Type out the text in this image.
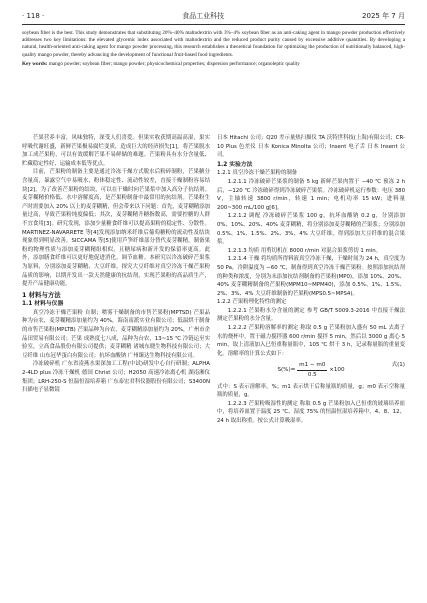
· 118 ·	食品工业科技	2025 年 7 月

soybean fiber is the best. This study demonstrates that substituting 20%–40% maltodextrin with 3%–4% soybean fiber as an anti-caking agent in mango powder production effectively addresses two key limitations: the elevated glycemic index associated with maltodextrin and the reduced product purity caused by excessive additive quantities. By developing a natural, health-oriented anti-caking agent for mango powder processing, this research establishes a theoretical foundation for optimizing the production of nutritionally balanced, high-quality mango powder, thereby advancing the development of functional fruit-based food ingredients.

Key words: mango powder; soybean fiber; mango powder; physicochemical properties; dispersion performance; organoleptic quality

芒果营养丰富，风味独特，深受人们喜爱。但果实收获期高温高湿，果实呼吸代谢旺盛，新鲜芒果极易腐烂变质，造成巨大的经济损失[1]。将芒果脱水加工成芒果粉，可以有效缓解芒果不易鲜储的难题。芒果粉具有水分含量低、贮藏稳定性好、运输成本低等优点。

目前，芒果粉的制备主要是通过冷冻干燥方式脱水后粉碎制粉，芒果糖分含量高，暴露空气中易吸水，粉体稳定性、流动性较差，直接干燥制粉容易结块[2]。为了改善芒果粉的结块，可以在干燥时向芒果浆中加入高分子抗结剂。麦芽糊精价格低、水中溶解度高，是芒果粉制备中最常用的抗结剂。芒果粉生产时需要加入 20% 以上的麦芽糊精，但会带来以下问题：首先，麦芽糊精添加量过高，导致芒果粉纯度偏低；其次，麦芽糊精升糖指数高，需要控糖的人群不宜食用[3]。研究发现，添加少量糖食纤维可以提高果粉的稳定性、分散性。MARTINEZ-NAVARRETE 等[4]发现添加纳米纤维后葡萄糖粉的流动性及结块现象得到明显改善。SICCAMA 等[5]使用芦笋纤维部分替代麦芽糊精，制备果粉的物理性质与添加麦芽糊精组相似，且糖尿病和新开发的保留率更高。此外，添加膳食纤维可以更好地促进消化，调节血糖。本研究以冷冻破碎芒果浆为原料，分别添加麦芽糊精、大豆纤维，探究大豆纤维对真空冷冻干燥芒果粉品质的影响，以期开发出一款天然健康的抗结剂，实现芒果粉的高品质生产，提升产品健康功能。

1 材料与方法

1.1 材料与仪器

真空冷冻干燥芒果粉 自制；喷雾干燥制备的市售芒果粉(MPTSD) 芒果品种为台农，麦芽糊精添加量约为 40%，海南南派实业有限公司；低温烘干制备的市售芒果粉(MPLTB) 芒果品种为台农，麦芽糊精添加量约为 20%，广州市企品田贸易有限公司；芒果 成熟度七八成，品种为台农，13~15 ℃ 冷链运至实验室，立高食品股份有限公司提供；麦芽糊精 诸城东晓生物科技有限公司；大豆纤维 山东冠华蛋白有限公司；抗坏血酸钠 广州臻达生物科技有限公司。

冷冻破碎机 广东省凌燕水果深加工工程(中试)研发中心自行研制；ALPHA 2-4LD plus 冷冻干燥机 德国 Christ 公司；H2050 高速冷冻离心机 湖南湘仪集团；LRH-250-S 恒温恒湿培养箱 广东泰宏君科仪器股份有限公司；S3400N 扫描电子显微镜

日本 Hitachi 公司；Q20 差示量热扫描仪 TA 沃特世科技(上海)有限公司；CR-10 Plus 色差仪 日本 Konica Minolta 公司；Insent 电子舌 日本 Insent 公司。

1.2 实验方法

1.2.1 真空冷冻干燥芒果粉的制备

1.2.1.1 冷冻破碎芒果浆的制备 5 kg 新鲜芒果肉置于 −40 ℃ 预冻 2 h 后，−120 ℃ 冷冻破碎得到冷冻破碎芒果浆。冷冻破碎机运行参数：电压 380 V，主轴转速 3800 r/min，转速 1 min；电机功率 15 kW；进料量 200~300 mL/100 g[6]。

1.2.1.2 调配 冷冻破碎芒果浆 100 g，抗坏血酸钠 0.2 g，分别添加 0%、10%、20%、40% 麦芽糊精，将分别添加麦芽糊精的芒果浆；分别添加 0.5%、1%、1.5%、2%、3%、4% 大豆纤维，得到添加大豆纤维的混合果浆。

1.2.1.3 均质 用剪切机在 8000 r/min 对混合果浆剪切 1 min。

1.2.1.4 干燥 将均质所得料液真空冷冻干燥，干燥时间为 24 h，真空度为 50 Pa，冷阱温度为 −60 ℃，制备得到真空冷冻干燥芒果粉。按照添加抗结剂的种类和浓度，分别为未添加抗结剂制备的芒果粉(MP0)，添加 10%、20%、40% 麦芽糊精制备的芒果粉(MPM10~MPM40)，添加 0.5%、1%、1.5%、2%、3%、4% 大豆纤维制备的芒果粉(MPS0.5~MPS4)。

1.2.2 芒果粉理化特性的测定

1.2.2.1 芒果粉水分含量的测定 参考 GB/T 5009.3-2016 中直接干燥法测定芒果粉的水分含量。

1.2.2.2 芒果粉溶解率的测定 称取 0.5 g 芒果粉加入盛有 50 mL 去离子水的烧杯中，置于磁力搅拌器 600 r/min 搅拌 5 min，然后以 3000 g 离心 5 min，取上清液加入已恒重称量瓶中，105 ℃ 烘干 3 h，记录称量瓶的重量变化。溶解率的计算公式如下：

$S(\%)= \frac{m1 - m0}{0.5} \times 100$
式(1)

式中：S 表示溶解率，%；m1 表示烘干后称量瓶的质量，g；m0 表示空称量瓶的质量，g。

1.2.2.3 芒果粉吸湿性的测定 称取 0.5 g 芒果粉加入已恒重的玻璃培养皿中，将培养皿置于温度 25 ℃、湿度 75% 的恒温恒湿培养箱中，4、8、12、24 h 取出称重。按公式计算吸湿率。
